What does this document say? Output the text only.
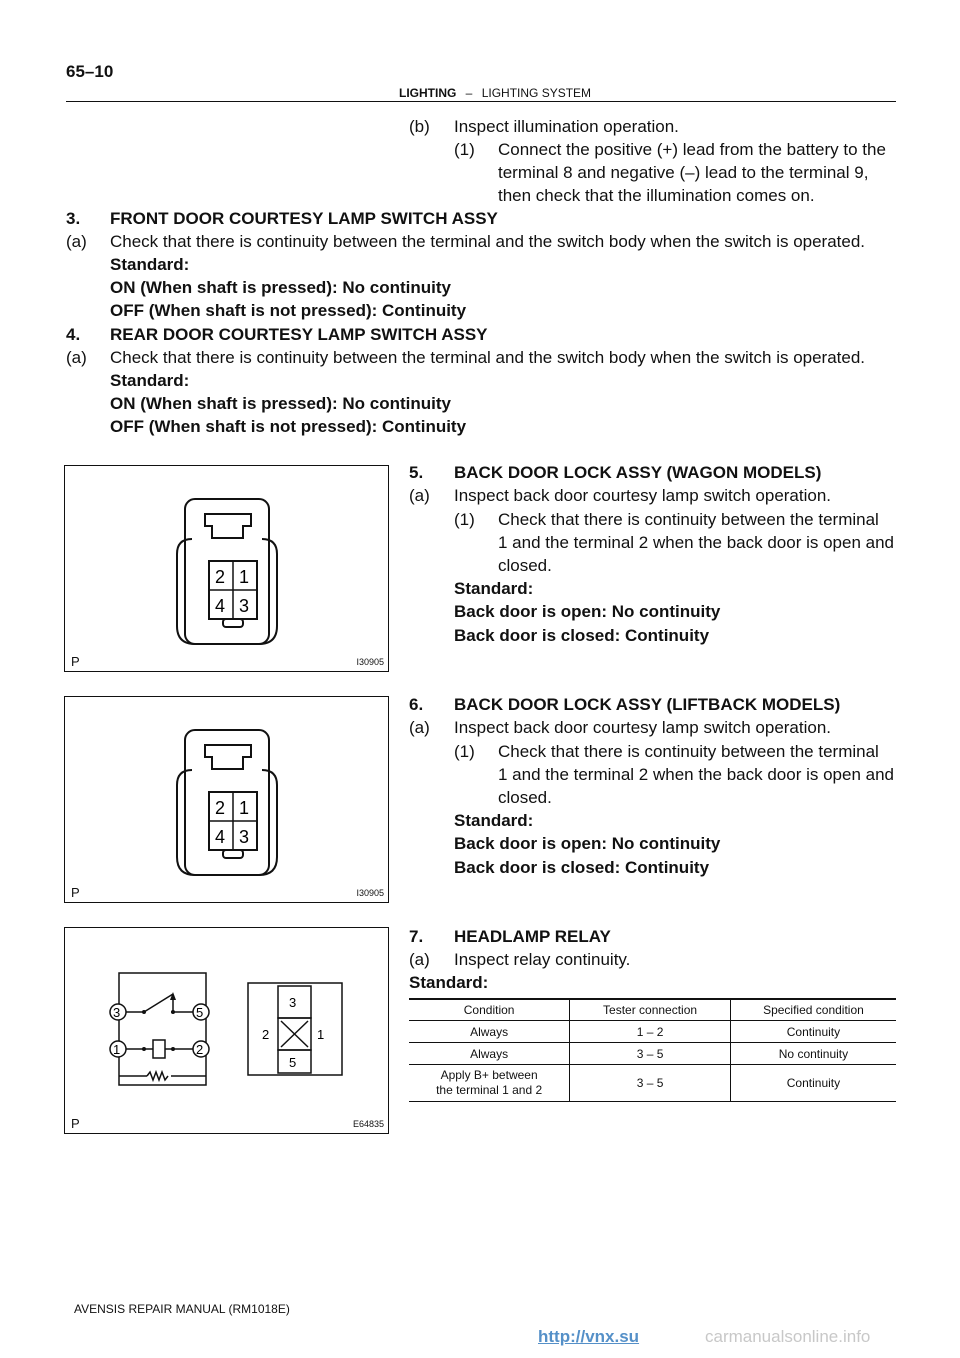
65–10
LIGHTING – LIGHTING SYSTEM
(b) Inspect illumination operation.
(1) Connect the positive (+) lead from the battery to the
terminal 8 and negative (–) lead to the terminal 9,
then check that the illumination comes on.
3. FRONT DOOR COURTESY LAMP SWITCH ASSY
(a) Check that there is continuity between the terminal and the switch body when the switch is operated.
Standard:
ON (When shaft is pressed): No continuity
OFF (When shaft is not pressed): Continuity
4. REAR DOOR COURTESY LAMP SWITCH ASSY
(a) Check that there is continuity between the terminal and the switch body when the switch is operated.
Standard:
ON (When shaft is pressed): No continuity
OFF (When shaft is not pressed): Continuity
5. BACK DOOR LOCK ASSY (WAGON MODELS)
(a) Inspect back door courtesy lamp switch operation.
(1) Check that there is continuity between the terminal
1 and the terminal 2 when the back door is open and
closed.
Standard:
Back door is open: No continuity
Back door is closed: Continuity
6. BACK DOOR LOCK ASSY (LIFTBACK MODELS)
(a) Inspect back door courtesy lamp switch operation.
(1) Check that there is continuity between the terminal
1 and the terminal 2 when the back door is open and
closed.
Standard:
Back door is open: No continuity
Back door is closed: Continuity
7. HEADLAMP RELAY
(a) Inspect relay continuity.
Standard:
Condition	Tester connection	Specified condition
Always	1 – 2	Continuity
Always	3 – 5	No continuity
Apply B+ between
the terminal 1 and 2	3 – 5	Continuity
2 1
4 3
P	I30905
2 1
4 3
P	I30905
3	5
1	2
3
2	1
5
P	E64835
AVENSIS REPAIR MANUAL (RM1018E)
http://vnx.su	carmanualsonline.info
